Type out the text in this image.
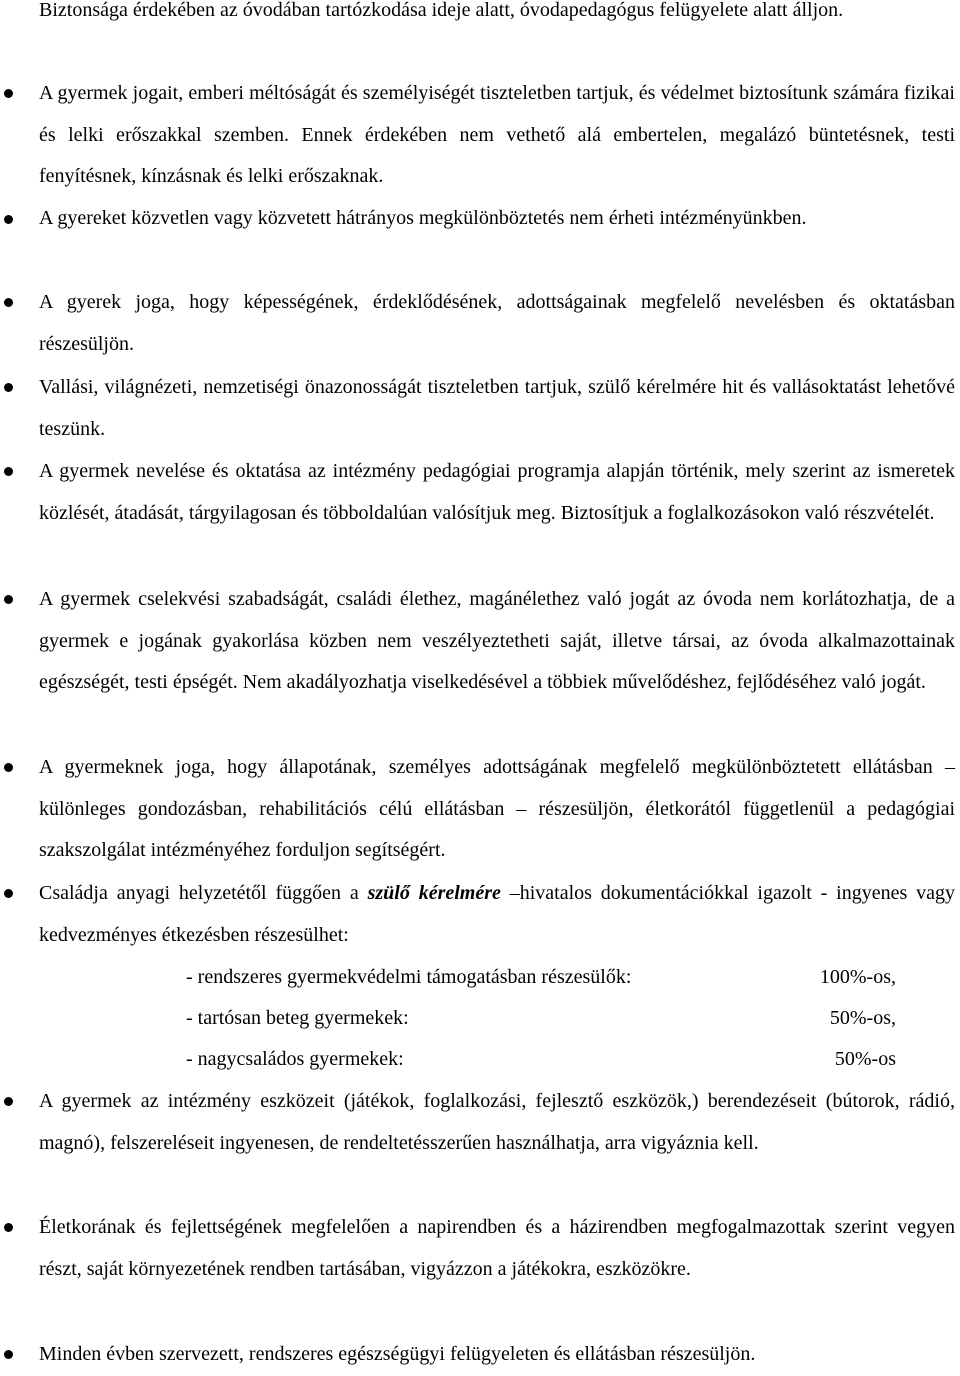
Biztonsága érdekében az óvodában tartózkodása ideje alatt, óvodapedagógus felügyelete alatt álljon.
A gyermek jogait, emberi méltóságát és személyiségét tiszteletben tartjuk, és védelmet biztosítunk számára fizikai és lelki erőszakkal szemben. Ennek érdekében nem vethető alá embertelen, megalázó büntetésnek, testi fenyítésnek, kínzásnak és lelki erőszaknak.
A gyereket közvetlen vagy közvetett hátrányos megkülönböztetés nem érheti intézményünkben.
A gyerek joga, hogy képességének, érdeklődésének, adottságainak megfelelő nevelésben és oktatásban részesüljön.
Vallási, világnézeti, nemzetiségi önazonosságát tiszteletben tartjuk, szülő kérelmére hit és vallásoktatást lehetővé teszünk.
A gyermek nevelése és oktatása az intézmény pedagógiai programja alapján történik, mely szerint az ismeretek közlését, átadását, tárgyilagosan és többoldalúan valósítjuk meg. Biztosítjuk a foglalkozásokon való részvételét.
A gyermek cselekvési szabadságát, családi élethez, magánélethez való jogát az óvoda nem korlátozhatja, de a gyermek e jogának gyakorlása közben nem veszélyeztetheti saját, illetve társai, az óvoda alkalmazottainak egészségét, testi épségét. Nem akadályozhatja viselkedésével a többiek művelődéshez, fejlődéséhez való jogát.
A gyermeknek joga, hogy állapotának, személyes adottságának megfelelő megkülönböztetett ellátásban – különleges gondozásban, rehabilitációs célú ellátásban – részesüljön, életkorától függetlenül a pedagógiai szakszolgálat intézményéhez forduljon segítségért.
Családja anyagi helyzetétől függően a szülő kérelmére –hivatalos dokumentációkkal igazolt - ingyenes vagy kedvezményes étkezésben részesülhet:
- rendszeres gyermekvédelmi támogatásban részesülők:	100%-os,
- tartósan beteg gyermekek:	50%-os,
- nagycsaládos gyermekek:	50%-os
A gyermek az intézmény eszközeit (játékok, foglalkozási, fejlesztő eszközök,) berendezéseit (bútorok, rádió, magnó), felszereléseit ingyenesen, de rendeltetésszerűen használhatja, arra vigyáznia kell.
Életkorának és fejlettségének megfelelően a napirendben és a házirendben megfogalmazottak szerint vegyen részt, saját környezetének rendben tartásában, vigyázzon a játékokra, eszközökre.
Minden évben szervezett, rendszeres egészségügyi felügyeleten és ellátásban részesüljön.
